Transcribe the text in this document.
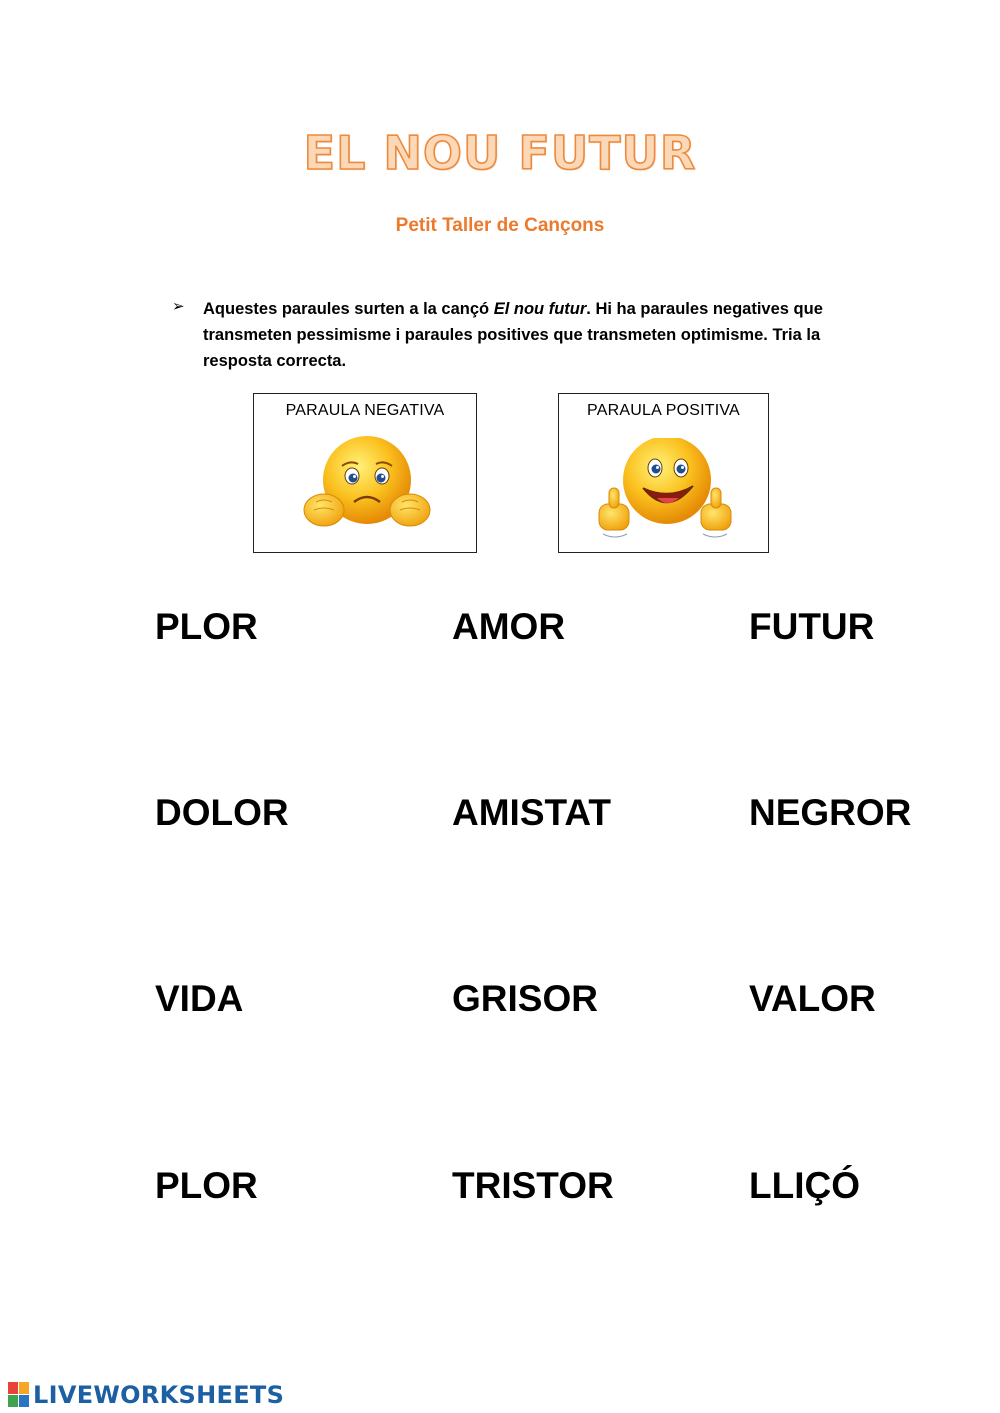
EL NOU FUTUR
Petit Taller de Cançons
➢ Aquestes paraules surten a la cançó El nou futur. Hi ha paraules negatives que transmeten pessimisme i paraules positives que transmeten optimisme. Tria la resposta correcta.
PARAULA NEGATIVA	PARAULA POSITIVA
PLOR	AMOR	FUTUR
DOLOR	AMISTAT	NEGROR
VIDA	GRISOR	VALOR
PLOR	TRISTOR	LLIÇÓ
LIVEWORKSHEETS
